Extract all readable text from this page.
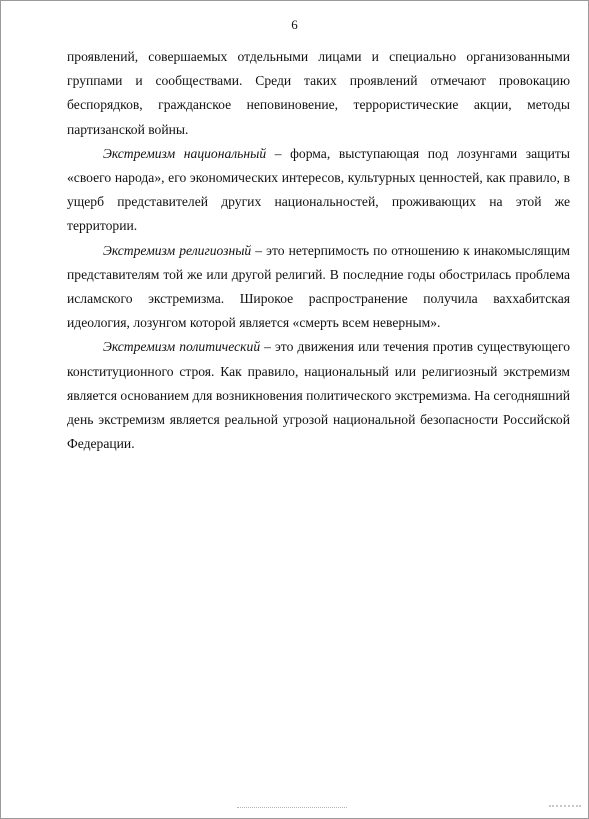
6

проявлений, совершаемых отдельными лицами и специально организованными группами и сообществами. Среди таких проявлений отмечают провокацию беспорядков, гражданское неповиновение, террористические акции, методы партизанской войны.

Экстремизм национальный – форма, выступающая под лозунгами защиты «своего народа», его экономических интересов, культурных ценностей, как правило, в ущерб представителей других национальностей, проживающих на этой же территории.

Экстремизм религиозный – это нетерпимость по отношению к инакомыслящим представителям той же или другой религий. В последние годы обострилась проблема исламского экстремизма. Широкое распространение получила ваххабитская идеология, лозунгом которой является «смерть всем неверным».

Экстремизм политический – это движения или течения против существующего конституционного строя. Как правило, национальный или религиозный экстремизм является основанием для возникновения политического экстремизма. На сегодняшний день экстремизм является реальной угрозой национальной безопасности Российской Федерации.
